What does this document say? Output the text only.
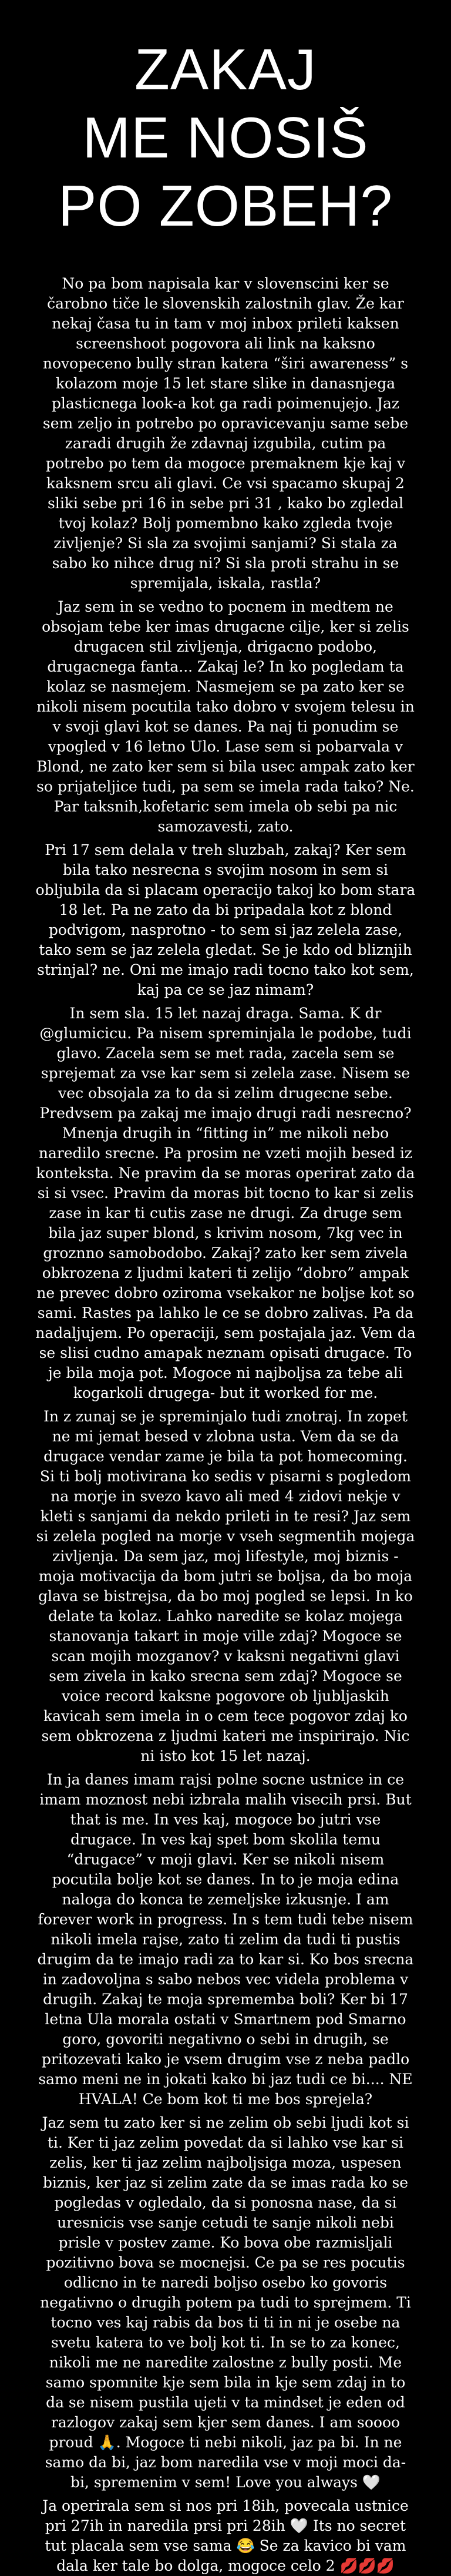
ZAKAJ
ME NOSIŠ
PO ZOBEH?

No pa bom napisala kar v slovenscini ker se čarobno tiče le slovenskih zalostnih glav. Že kar nekaj časa tu in tam v moj inbox prileti kaksen screenshoot pogovora ali link na kaksno novopeceno bully stran katera “širi awareness” s kolazom moje 15 let stare slike in danasnjega plasticnega look-a kot ga radi poimenujejo. Jaz sem zeljo in potrebo po opravicevanju same sebe zaradi drugih že zdavnaj izgubila, cutim pa potrebo po tem da mogoce premaknem kje kaj v kaksnem srcu ali glavi. Ce vsi spacamo skupaj 2 sliki sebe pri 16 in sebe pri 31 , kako bo zgledal tvoj kolaz? Bolj pomembno kako zgleda tvoje zivljenje? Si sla za svojimi sanjami? Si stala za sabo ko nihce drug ni? Si sla proti strahu in se spremijala, iskala, rastla?

Jaz sem in se vedno to pocnem in medtem ne obsojam tebe ker imas drugacne cilje, ker si zelis drugacen stil zivljenja, drigacno podobo, drugacnega fanta... Zakaj le? In ko pogledam ta kolaz se nasmejem. Nasmejem se pa zato ker se nikoli nisem pocutila tako dobro v svojem telesu in v svoji glavi kot se danes. Pa naj ti ponudim se vpogled v 16 letno Ulo. Lase sem si pobarvala v Blond, ne zato ker sem si bila usec ampak zato ker so prijateljice tudi, pa sem se imela rada tako? Ne. Par taksnih,kofetaric sem imela ob sebi pa nic samozavesti, zato.

Pri 17 sem delala v treh sluzbah, zakaj? Ker sem bila tako nesrecna s svojim nosom in sem si obljubila da si placam operacijo takoj ko bom stara 18 let. Pa ne zato da bi pripadala kot z blond podvigom, nasprotno - to sem si jaz zelela zase, tako sem se jaz zelela gledat. Se je kdo od bliznjih strinjal? ne. Oni me imajo radi tocno tako kot sem, kaj pa ce se jaz nimam?

In sem sla. 15 let nazaj draga. Sama. K dr @glumicicu. Pa nisem spreminjala le podobe, tudi glavo. Zacela sem se met rada, zacela sem se sprejemat za vse kar sem si zelela zase. Nisem se vec obsojala za to da si zelim drugecne sebe. Predvsem pa zakaj me imajo drugi radi nesrecno? Mnenja drugih in “fitting in” me nikoli nebo naredilo srecne. Pa prosim ne vzeti mojih besed iz konteksta. Ne pravim da se moras operirat zato da si si vsec. Pravim da moras bit tocno to kar si zelis zase in kar ti cutis zase ne drugi. Za druge sem bila jaz super blond, s krivim nosom, 7kg vec in groznno samobodobo. Zakaj? zato ker sem zivela obkrozena z ljudmi kateri ti zelijo “dobro” ampak ne prevec dobro oziroma vsekakor ne boljse kot so sami. Rastes pa lahko le ce se dobro zalivas. Pa da nadaljujem. Po operaciji, sem postajala jaz. Vem da se slisi cudno amapak neznam opisati drugace. To je bila moja pot. Mogoce ni najboljsa za tebe ali kogarkoli drugega- but it worked for me.

In z zunaj se je spreminjalo tudi znotraj. In zopet ne mi jemat besed v zlobna usta. Vem da se da drugace vendar zame je bila ta pot homecoming. Si ti bolj motivirana ko sedis v pisarni s pogledom na morje in svezo kavo ali med 4 zidovi nekje v kleti s sanjami da nekdo prileti in te resi? Jaz sem si zelela pogled na morje v vseh segmentih mojega zivljenja. Da sem jaz, moj lifestyle, moj biznis - moja motivacija da bom jutri se boljsa, da bo moja glava se bistrejsa, da bo moj pogled se lepsi. In ko delate ta kolaz. Lahko naredite se kolaz mojega stanovanja takart in moje ville zdaj? Mogoce se scan mojih mozganov? v kaksni negativni glavi sem zivela in kako srecna sem zdaj? Mogoce se voice record kaksne pogovore ob ljubljaskih kavicah sem imela in o cem tece pogovor zdaj ko sem obkrozena z ljudmi kateri me inspirirajo. Nic ni isto kot 15 let nazaj.

In ja danes imam rajsi polne socne ustnice in ce imam moznost nebi izbrala malih visecih prsi. But that is me. In ves kaj, mogoce bo jutri vse drugace. In ves kaj spet bom skolila temu “drugace” v moji glavi. Ker se nikoli nisem pocutila bolje kot se danes. In to je moja edina naloga do konca te zemeljske izkusnje. I am forever work in progress. In s tem tudi tebe nisem nikoli imela rajse, zato ti zelim da tudi ti pustis drugim da te imajo radi za to kar si. Ko bos srecna in zadovoljna s sabo nebos vec videla problema v drugih. Zakaj te moja sprememba boli? Ker bi 17 letna Ula morala ostati v Smartnem pod Smarno goro, govoriti negativno o sebi in drugih, se pritozevati kako je vsem drugim vse z neba padlo samo meni ne in jokati kako bi jaz tudi ce bi.... NE HVALA! Ce bom kot ti me bos sprejela?

Jaz sem tu zato ker si ne zelim ob sebi ljudi kot si ti. Ker ti jaz zelim povedat da si lahko vse kar si zelis, ker ti jaz zelim najboljsiga moza, uspesen biznis, ker jaz si zelim zate da se imas rada ko se pogledas v ogledalo, da si ponosna nase, da si uresnicis vse sanje cetudi te sanje nikoli nebi prisle v postev zame. Ko bova obe razmisljali pozitivno bova se mocnejsi. Ce pa se res pocutis odlicno in te naredi boljso osebo ko govoris negativno o drugih potem pa tudi to sprejmem. Ti tocno ves kaj rabis da bos ti ti in ni je osebe na svetu katera to ve bolj kot ti. In se to za konec, nikoli me ne naredite zalostne z bully posti. Me samo spomnite kje sem bila in kje sem zdaj in to da se nisem pustila ujeti v ta mindset je eden od razlogov zakaj sem kjer sem danes. I am soooo proud 🙏. Mogoce ti nebi nikoli, jaz pa bi. In ne samo da bi, jaz bom naredila vse v moji moci da- bi, spremenim v sem! Love you always 🤍

Ja operirala sem si nos pri 18ih, povecala ustnice pri 27ih in naredila prsi pri 28ih 🤍 Its no secret tut placala sem vse sama 😂 Se za kavico bi vam dala ker tale bo dolga, mogoce celo 2 💋💋💋
